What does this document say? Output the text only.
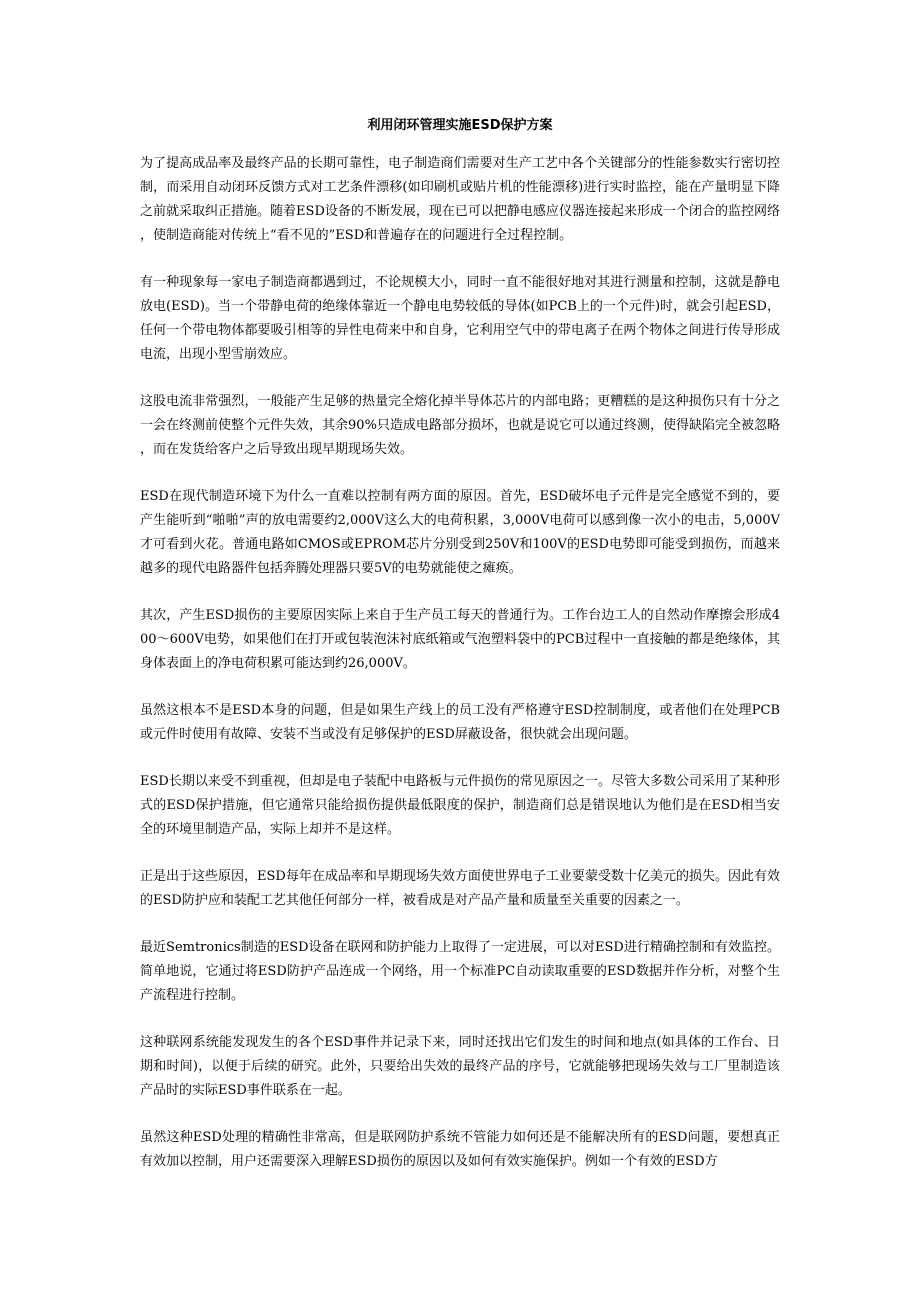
利用闭环管理实施ESD保护方案

为了提高成品率及最终产品的长期可靠性，电子制造商们需要对生产工艺中各个关键部分的性能参数实行密切控制，而采用自动闭环反馈方式对工艺条件漂移(如印刷机或贴片机的性能漂移)进行实时监控，能在产量明显下降之前就采取纠正措施。随着ESD设备的不断发展，现在已可以把静电感应仪器连接起来形成一个闭合的监控网络，使制造商能对传统上“看不见的”ESD和普遍存在的问题进行全过程控制。

有一种现象每一家电子制造商都遇到过，不论规模大小，同时一直不能很好地对其进行测量和控制，这就是静电放电(ESD)。当一个带静电荷的绝缘体靠近一个静电电势较低的导体(如PCB上的一个元件)时，就会引起ESD，任何一个带电物体都要吸引相等的异性电荷来中和自身，它利用空气中的带电离子在两个物体之间进行传导形成电流，出现小型雪崩效应。

这股电流非常强烈，一般能产生足够的热量完全熔化掉半导体芯片的内部电路；更糟糕的是这种损伤只有十分之一会在终测前使整个元件失效，其余90%只造成电路部分损坏，也就是说它可以通过终测，使得缺陷完全被忽略，而在发货给客户之后导致出现早期现场失效。

ESD在现代制造环境下为什么一直难以控制有两方面的原因。首先，ESD破坏电子元件是完全感觉不到的，要产生能听到“啪啪”声的放电需要约2,000V这么大的电荷积累，3,000V电荷可以感到像一次小的电击，5,000V才可看到火花。普通电路如CMOS或EPROM芯片分别受到250V和100V的ESD电势即可能受到损伤，而越来越多的现代电路器件包括奔腾处理器只要5V的电势就能使之瘫痪。

其次，产生ESD损伤的主要原因实际上来自于生产员工每天的普通行为。工作台边工人的自然动作摩擦会形成400～600V电势，如果他们在打开或包装泡沫衬底纸箱或气泡塑料袋中的PCB过程中一直接触的都是绝缘体，其身体表面上的净电荷积累可能达到约26,000V。

虽然这根本不是ESD本身的问题，但是如果生产线上的员工没有严格遵守ESD控制制度，或者他们在处理PCB或元件时使用有故障、安装不当或没有足够保护的ESD屏蔽设备，很快就会出现问题。

ESD长期以来受不到重视，但却是电子装配中电路板与元件损伤的常见原因之一。尽管大多数公司采用了某种形式的ESD保护措施，但它通常只能给损伤提供最低限度的保护，制造商们总是错误地认为他们是在ESD相当安全的环境里制造产品，实际上却并不是这样。

正是出于这些原因，ESD每年在成品率和早期现场失效方面使世界电子工业要蒙受数十亿美元的损失。因此有效的ESD防护应和装配工艺其他任何部分一样，被看成是对产品产量和质量至关重要的因素之一。

最近Semtronics制造的ESD设备在联网和防护能力上取得了一定进展，可以对ESD进行精确控制和有效监控。简单地说，它通过将ESD防护产品连成一个网络，用一个标准PC自动读取重要的ESD数据并作分析，对整个生产流程进行控制。

这种联网系统能发现发生的各个ESD事件并记录下来，同时还找出它们发生的时间和地点(如具体的工作台、日期和时间)，以便于后续的研究。此外，只要给出失效的最终产品的序号，它就能够把现场失效与工厂里制造该产品时的实际ESD事件联系在一起。

虽然这种ESD处理的精确性非常高，但是联网防护系统不管能力如何还是不能解决所有的ESD问题，要想真正有效加以控制，用户还需要深入理解ESD损伤的原因以及如何有效实施保护。例如一个有效的ESD方
